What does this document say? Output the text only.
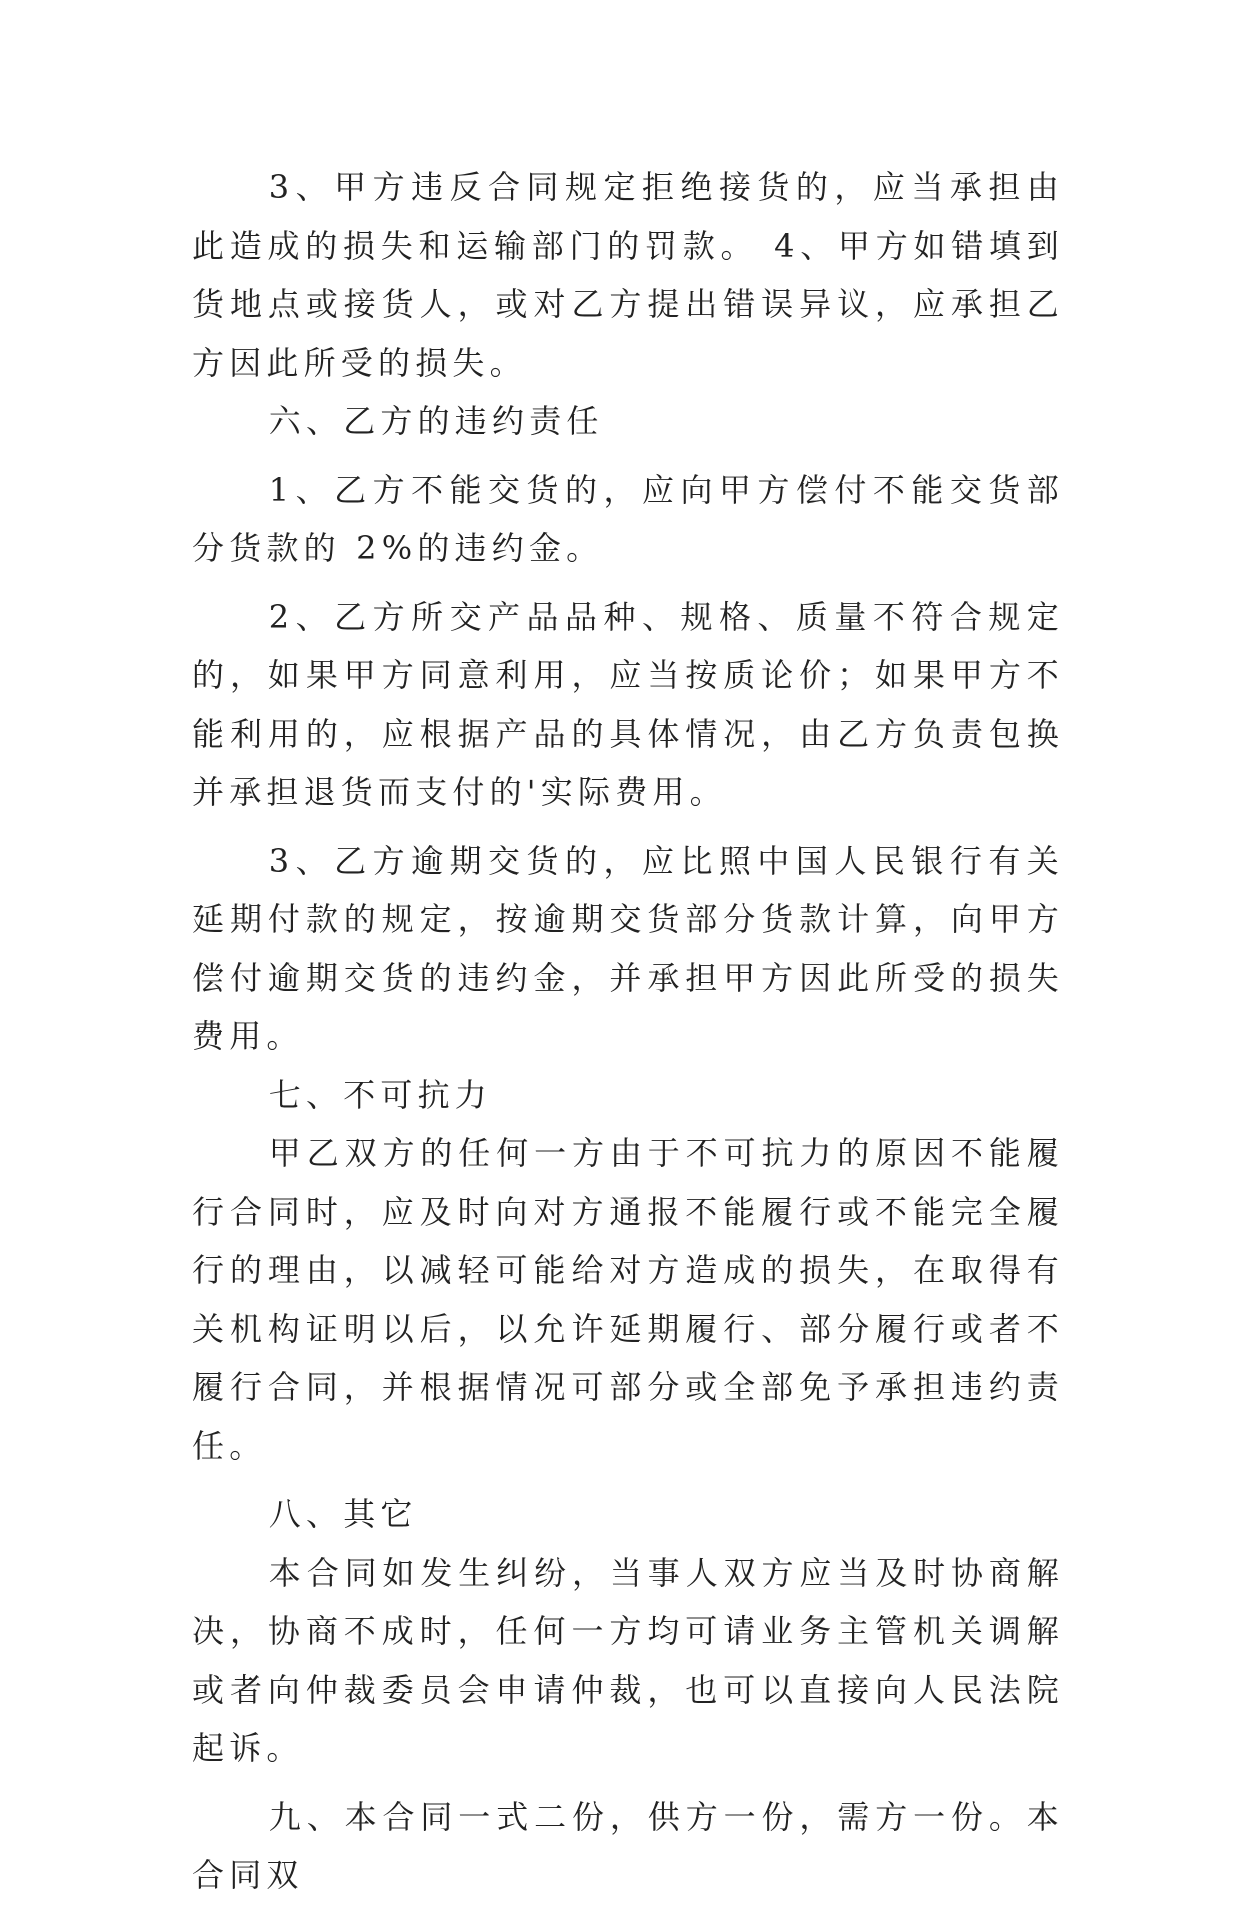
3、甲方违反合同规定拒绝接货的，应当承担由此造成的损失和运输部门的罚款。 4、甲方如错填到货地点或接货人，或对乙方提出错误异议，应承担乙方因此所受的损失。

六、乙方的违约责任

1、乙方不能交货的，应向甲方偿付不能交货部分货款的 2%的违约金。

2、乙方所交产品品种、规格、质量不符合规定的，如果甲方同意利用，应当按质论价；如果甲方不能利用的，应根据产品的具体情况，由乙方负责包换并承担退货而支付的'实际费用。

3、乙方逾期交货的，应比照中国人民银行有关延期付款的规定，按逾期交货部分货款计算，向甲方偿付逾期交货的违约金，并承担甲方因此所受的损失费用。

七、不可抗力

甲乙双方的任何一方由于不可抗力的原因不能履行合同时，应及时向对方通报不能履行或不能完全履行的理由，以减轻可能给对方造成的损失，在取得有关机构证明以后，以允许延期履行、部分履行或者不履行合同，并根据情况可部分或全部免予承担违约责任。

八、其它

本合同如发生纠纷，当事人双方应当及时协商解决，协商不成时，任何一方均可请业务主管机关调解或者向仲裁委员会申请仲裁，也可以直接向人民法院起诉。

九、本合同一式二份，供方一份，需方一份。本合同双
